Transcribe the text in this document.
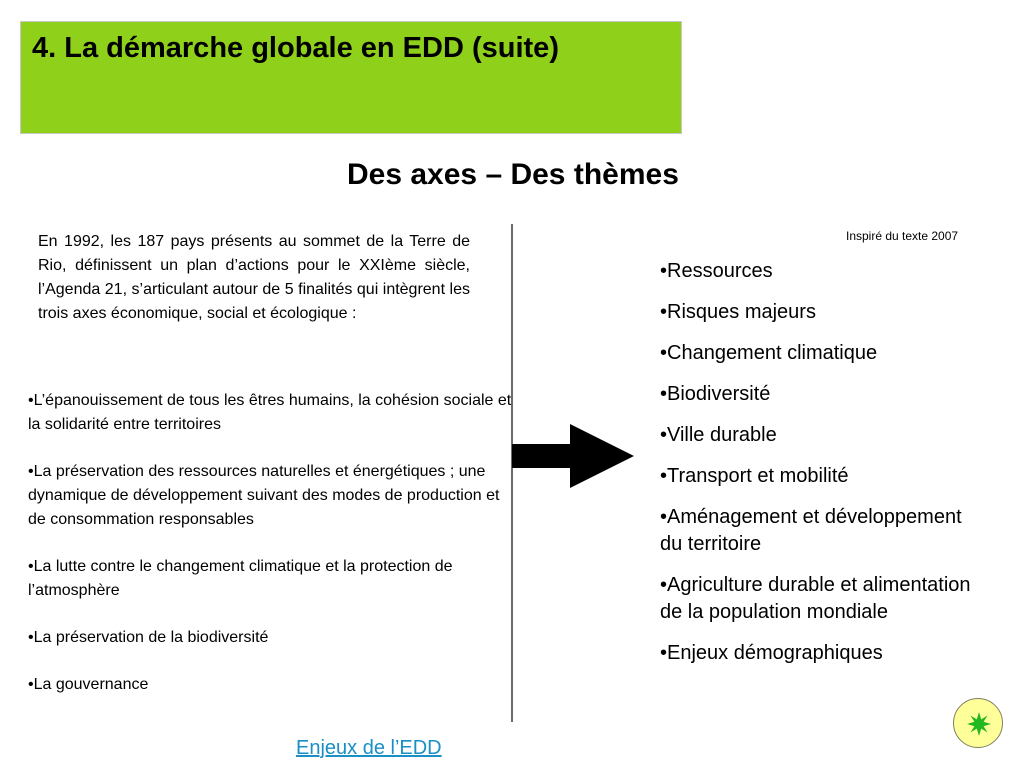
4. La démarche globale en EDD (suite)
Des axes – Des thèmes
En 1992, les 187 pays présents au sommet de la Terre de Rio, définissent un plan d’actions pour le XXIème siècle, l’Agenda 21, s’articulant autour de 5 finalités qui intègrent les trois axes économique, social et écologique :

•L’épanouissement de tous les êtres humains, la cohésion sociale et la solidarité entre territoires

•La préservation des ressources naturelles et énergétiques ; une dynamique de développement suivant des modes de production et de consommation responsables

•La lutte contre le changement climatique et la protection de l’atmosphère

•La préservation de la biodiversité

•La gouvernance

Inspiré du texte 2007

•Ressources

•Risques majeurs

•Changement climatique

•Biodiversité

•Ville durable

•Transport et mobilité

•Aménagement et développement du territoire

•Agriculture durable et alimentation de la population mondiale

•Enjeux démographiques

Enjeux de l’EDD
